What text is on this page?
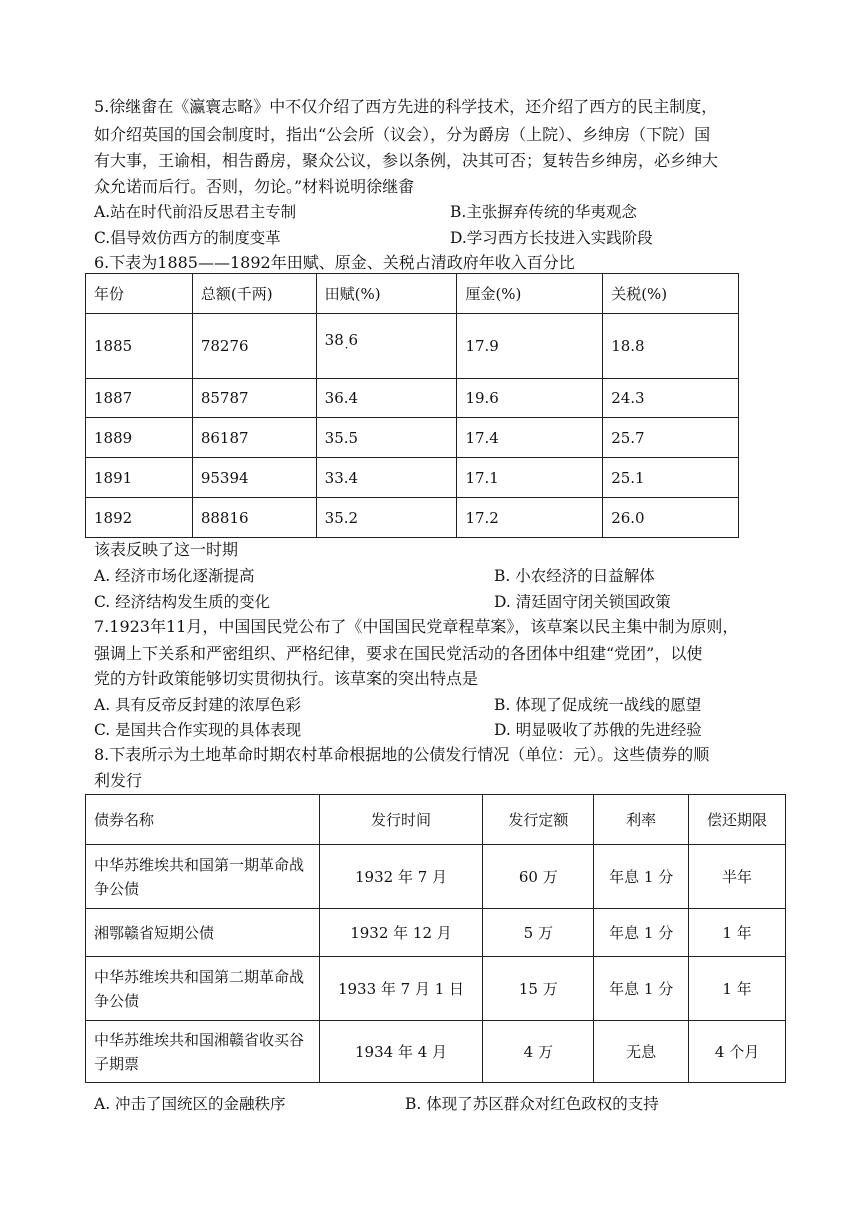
5.徐继畬在《瀛寰志略》中不仅介绍了西方先进的科学技术，还介绍了西方的民主制度，
如介绍英国的国会制度时，指出“公会所（议会），分为爵房（上院）、乡绅房（下院）国
有大事，王谕相，相告爵房，聚众公议，参以条例，决其可否；复转告乡绅房，必乡绅大
众允诺而后行。否则，勿论。”材料说明徐继畬
A.站在时代前沿反思君主专制	B.主张摒弃传统的华夷观念
C.倡导效仿西方的制度变革	D.学习西方长技进入实践阶段
6.下表为1885——1892年田赋、原金、关税占清政府年收入百分比
年份	总额(千两)	田赋(%)	厘金(%)	关税(%)
1885	78276	38 6 ·	17.9	18.8
1887	85787	36.4	19.6	24.3
1889	86187	35.5	17.4	25.7
1891	95394	33.4	17.1	25.1
1892	88816	35.2	17.2	26.0
该表反映了这一时期
A. 经济市场化逐渐提高	B. 小农经济的日益解体
C. 经济结构发生质的变化	D. 清廷固守闭关锁国政策
7.1923年11月，中国国民党公布了《中国国民党章程草案》，该草案以民主集中制为原则，
强调上下关系和严密组织、严格纪律，要求在国民党活动的各团体中组建“党团”，以使
党的方针政策能够切实贯彻执行。该草案的突出特点是
A. 具有反帝反封建的浓厚色彩	B. 体现了促成统一战线的愿望
C. 是国共合作实现的具体表现	D. 明显吸收了苏俄的先进经验
8.下表所示为土地革命时期农村革命根据地的公债发行情况（单位：元）。这些债券的顺
利发行
债券名称	发行时间	发行定额	利率	偿还期限
中华苏维埃共和国第一期革命战争公债	1932 年 7 月	60 万	年息 1 分	半年
湘鄂赣省短期公债	1932 年 12 月	5 万	年息 1 分	1 年
中华苏维埃共和国第二期革命战争公债	1933 年 7 月 1 日	15 万	年息 1 分	1 年
中华苏维埃共和国湘赣省收买谷子期票	1934 年 4 月	4 万	无息	4 个月
A. 冲击了国统区的金融秩序	B. 体现了苏区群众对红色政权的支持
